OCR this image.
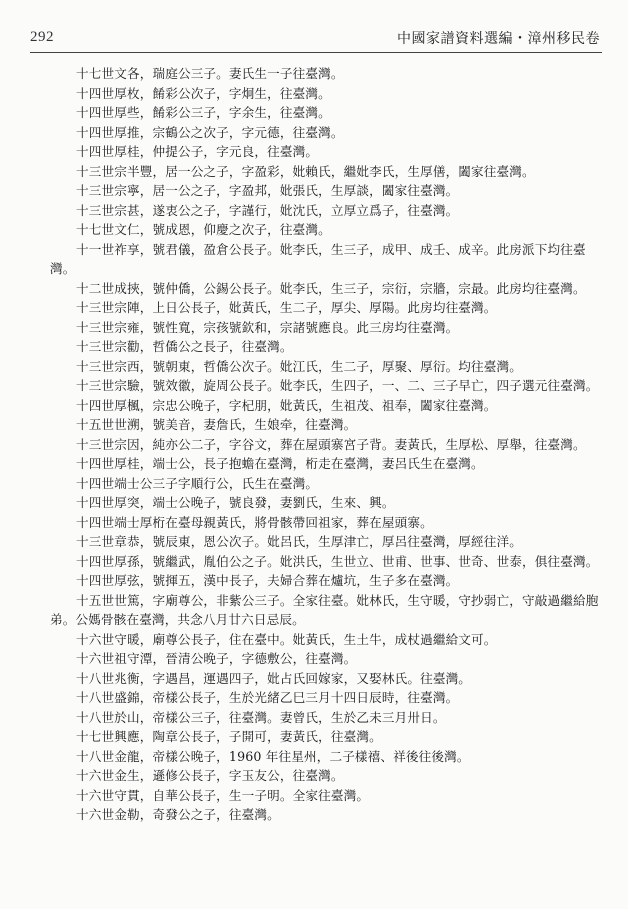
292	中國家譜資料選編・漳州移民卷

十七世文各，瑞庭公三子。妻氏生一子往臺灣。

十四世厚枚，餚彩公次子，字炯生，往臺灣。

十四世厚些，餚彩公三子，字余生，往臺灣。

十四世厚推，宗鶴公之次子，字元德，往臺灣。

十四世厚桂，仲提公子，字元良，往臺灣。

十三世宗半豐，居一公之子，字盈彩，妣賴氏，繼妣李氏，生厚僐，闔家往臺灣。

十三世宗寧，居一公之子，字盈邦，妣張氏，生厚談，闔家往臺灣。

十三世宗甚，遂衷公之子，字謹行，妣沈氏，立厚立爲子，往臺灣。

十七世文仁，號成恩，仰慶之次子，往臺灣。

十一世祚享，號君儀，盈倉公長子。妣李氏，生三子，成甲、成壬、成辛。此房派下均往臺灣。

十二世成挾，號仲僑，公錫公長子。妣李氏，生三子，宗衍，宗牆，宗最。此房均往臺灣。

十三世宗陣，上日公長子，妣黃氏，生二子，厚尖、厚陽。此房均往臺灣。

十三世宗雍，號性寬，宗孩號欽和，宗諸號應良。此三房均往臺灣。

十三世宗勸，哲僑公之長子，往臺灣。

十三世宗西，號朝東，哲僑公次子。妣江氏，生二子，厚聚、厚衍。均往臺灣。

十三世宗驗，號效徽，旋周公長子。妣李氏，生四子，一、二、三子早亡，四子選元往臺灣。

十四世厚楓，宗忠公晚子，字杞朋，妣黃氏，生祖茂、祖奉，闔家往臺灣。

十五世世溯，號美音，妻詹氏，生娘牵，往臺灣。

十三世宗因，純亦公二子，字谷文，葬在屋頭寨宮子背。妻黃氏，生厚松、厚舉，往臺灣。

十四世厚桂，端士公，長子抱蟾在臺灣，桁走在臺灣，妻呂氏生在臺灣。

十四世端士公三子字順行公，氏生在臺灣。

十四世厚突，端士公晚子，號良發，妻劉氏，生來、興。

十四世端士厚桁在臺母親黃氏，將骨骸帶回祖家，葬在屋頭寨。

十三世章恭，號辰東，恩公次子。妣呂氏，生厚津亡，厚呂往臺灣，厚經往洋。

十四世厚孫，號繼武，胤伯公之子。妣洪氏，生世立、世甫、世事、世奇、世泰，俱往臺灣。

十四世厚弦，號揮五，漢中長子，夫婦合葬在爐坑，生子多在臺灣。

十五世世篤，字廟尊公，非紫公三子。全家往臺。妣林氏，生守暖，守抄弱亡，守敲過繼給胞弟。公媽骨骸在臺灣，共念八月廿六日忌辰。

十六世守暖，廟尊公長子，住在臺中。妣黃氏，生土牛，成杖過繼給文可。

十六世祖守潭，晉清公晚子，字德敷公，往臺灣。

十八世兆衡，字遇昌，運遇四子，妣占氏回嫁家，又娶林氏。往臺灣。

十八世盛錦，帝樣公長子，生於光緒乙巳三月十四日辰時，往臺灣。

十八世於山，帝樣公三子，往臺灣。妻曾氏，生於乙未三月卅日。

十七世興應，陶章公長子，子開可，妻黃氏，往臺灣。

十八世金龍，帝樣公晚子，1960 年往星州，二子樣禧、祥後往後灣。

十六世金生，遜修公長子，字玉友公，往臺灣。

十六世守貫，自華公長子，生一子明。全家往臺灣。

十六世金勒，奇發公之子，往臺灣。
